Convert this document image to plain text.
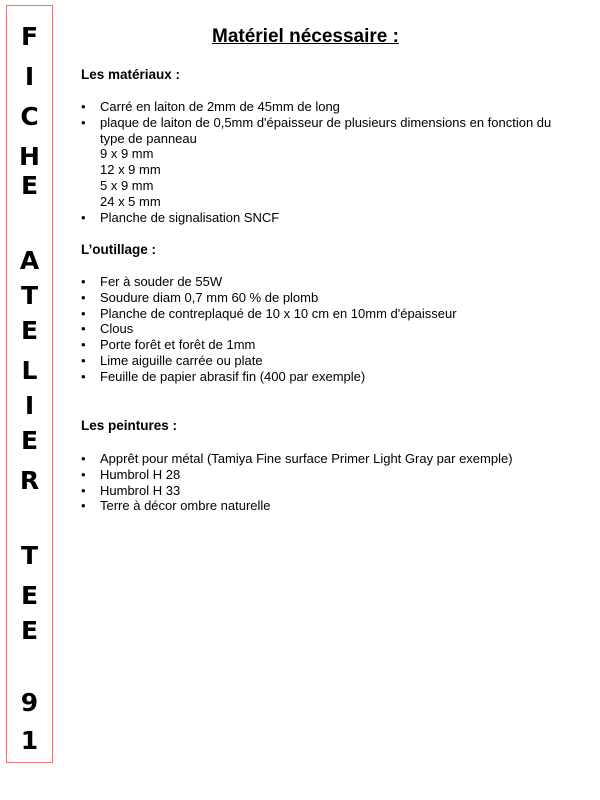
F
I
C
H
E
A
T
E
L
I
E
R
T
E
E
9
1
Matériel nécessaire :
Les matériaux :
• Carré en laiton de 2mm de 45mm de long
• plaque de laiton de 0,5mm d'épaisseur de plusieurs dimensions en fonction du
type de panneau
9 x 9 mm
12 x 9 mm
5 x 9 mm
24 x 5 mm
• Planche de signalisation SNCF
L’outillage :
• Fer à souder de 55W
• Soudure diam 0,7 mm 60 % de plomb
• Planche de contreplaqué de 10 x 10 cm en 10mm d'épaisseur
• Clous
• Porte forêt et forêt de 1mm
• Lime aiguille carrée ou plate
• Feuille de papier abrasif fin (400 par exemple)
Les peintures :
• Apprêt pour métal (Tamiya Fine surface Primer Light Gray par exemple)
• Humbrol H 28
• Humbrol H 33
• Terre à décor ombre naturelle
